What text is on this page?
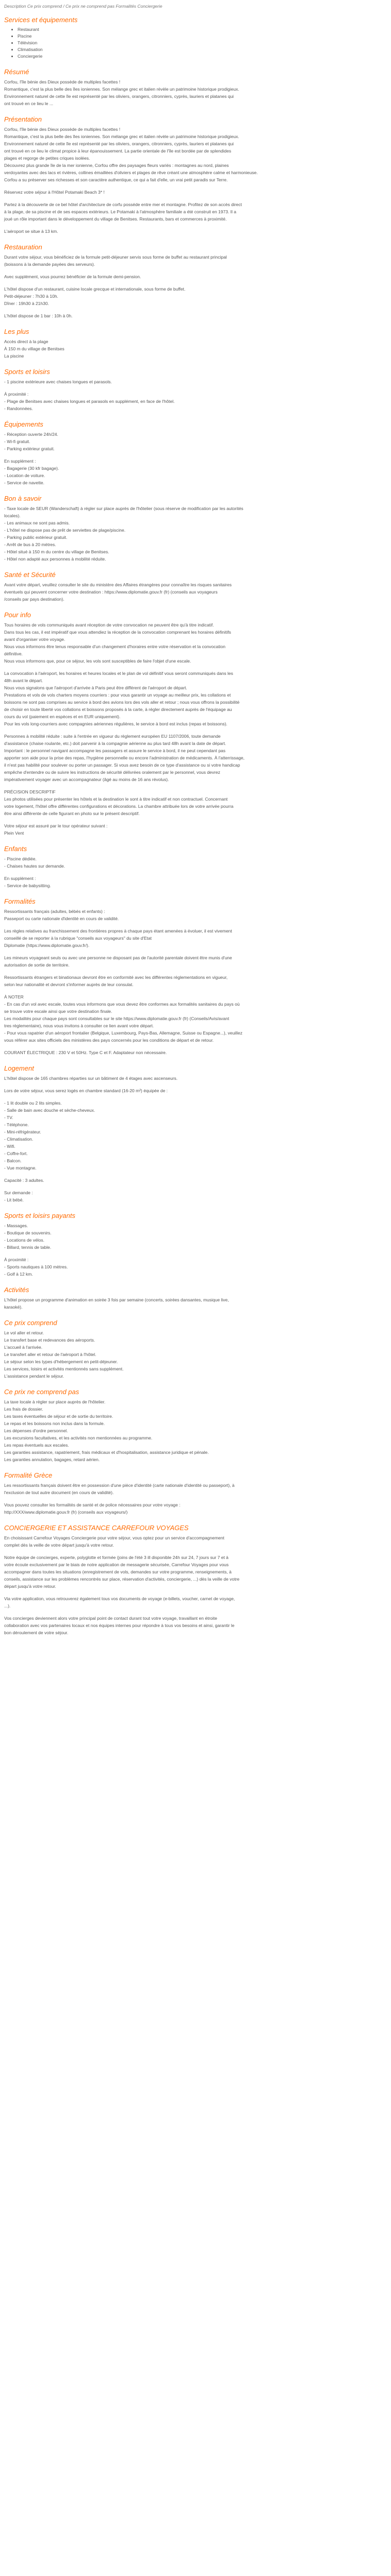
Description Ce prix comprend / Ce prix ne comprend pas Formalités Conciergerie
Services et équipements
• Restaurant
• Piscine
• Télévision
• Climatisation
• Conciergerie
Résumé

Corfou, l'île bénie des Dieux possède de multiples facettes !
Romantique, c'est la plus belle des îles ioniennes. Son mélange grec et italien révèle un patrimoine historique prodigieux.
Environnement naturel de cette île est représenté par les oliviers, orangers, citronniers, cyprès, lauriers et platanes qui
ont trouvé en ce lieu le ...

Présentation

Corfou, l'île bénie des Dieux possède de multiples facettes !
Romantique, c'est la plus belle des îles ioniennes. Son mélange grec et italien révèle un patrimoine historique prodigieux.
Environnement naturel de cette île est représenté par les oliviers, orangers, citronniers, cyprès, lauriers et platanes qui
ont trouvé en ce lieu le climat propice à leur épanouissement. La partie orientale de l'île est bordée par de splendides
plages et regorge de petites criques isolées.
Découvrez plus grande île de la mer ionienne, Corfou offre des paysages fleurs variés : montagnes au nord, plaines
verdoyantes avec des lacs et rivières, collines émaillées d'oliviers et plages de rêve créant une atmosphère calme et harmonieuse.
Corfou a su préserver ses richesses et son caractère authentique, ce qui a fait d'elle, un vrai petit paradis sur Terre.

Réservez votre séjour à l'Hôtel Potamaki Beach 3* !

Partez à la découverte de ce bel hôtel d'architecture de corfu posséde entre mer et montagne. Profitez de son accès direct
à la plage, de sa piscine et de ses espaces extérieurs. Le Potamaki à l'atmosphère familiale a été construit en 1973. Il a
joué un rôle important dans le développement du village de Benitses. Restaurants, bars et commerces à proximité.

L'aéroport se situe à 13 km.

Restauration

Durant votre séjour, vous bénéficiez de la formule petit-déjeuner servis sous forme de buffet au restaurant principal
(boissons à la demande payées des serveurs).

Avec supplément, vous pourrez bénéficier de la formule demi-pension.

L'hôtel dispose d'un restaurant, cuisine locale grecque et internationale, sous forme de buffet.
Petit-déjeuner : 7h30 à 10h.
Dîner : 19h30 à 21h30.

L'hôtel dispose de 1 bar : 10h à 0h.

Les plus

Accès direct à la plage
À 150 m du village de Benitses
La piscine

Sports et loisirs

- 1 piscine extérieure avec chaises longues et parasols.

À proximité :
- Plage de Benitses avec chaises longues et parasols en supplément, en face de l'hôtel.
- Randonnées.

Équipements

- Réception ouverte 24h/24.
- Wi-fi gratuit.
- Parking extérieur gratuit.

En supplément :
- Bagagerie (30 kfr bagage).
- Location de voiture.
- Service de navette.

Bon à savoir

- Taxe locale de SEUR (Wanderschaft) à régler sur place auprès de l'hôtelier (sous réserve de modification par les autorités
locales).
- Les animaux ne sont pas admis.
- L'hôtel ne dispose pas de prêt de serviettes de plage/piscine.
- Parking public extérieur gratuit.
- Arrêt de bus à 20 mètres.
- Hôtel situé à 150 m du centre du village de Benitses.
- Hôtel non adapté aux personnes à mobilité réduite.

Santé et Sécurité

Avant votre départ, veuillez consulter le site du ministère des Affaires étrangères pour connaître les risques sanitaires
éventuels qui peuvent concerner votre destination : https://www.diplomatie.gouv.fr (fr) (conseils aux voyageurs
/conseils par pays destination).

Pour info

Tous horaires de vols communiqués avant réception de votre convocation ne peuvent être qu'à titre indicatif.
Dans tous les cas, il est impératif que vous attendiez la réception de la convocation comprenant les horaires définitifs
avant d'organiser votre voyage.
Nous vous informons être tenus responsable d'un changement d'horaires entre votre réservation et la convocation
définitive.
Nous vous informons que, pour ce séjour, les vols sont susceptibles de faire l'objet d'une escale.

La convocation à l'aéroport, les horaires et heures locales et le plan de vol définitif vous seront communiqués dans les
48h avant le départ.
Nous vous signalons que l'aéroport d'arrivée à Paris peut être différent de l'aéroport de départ.
Prestations et vols de vols charters moyens courriers : pour vous garantir un voyage au meilleur prix, les collations et
boissons ne sont pas comprises au service à bord des avions lors des vols aller et retour ; nous vous offrons la possibilité
de choisir en toute liberté vos collations et boissons proposés à la carte, à régler directement auprès de l'équipage au
cours du vol (paiement en espèces et en EUR uniquement).
Pour les vols long-courriers avec compagnies aériennes régulières, le service à bord est inclus (repas et boissons).

Personnes à mobilité réduite : suite à l'entrée en vigueur du règlement européen EU 1107/2006, toute demande
d'assistance (chaise roulante, etc.) doit parvenir à la compagnie aérienne au plus tard 48h avant la date de départ.
Important : le personnel navigant accompagne les passagers et assure le service à bord, il ne peut cependant pas
apporter son aide pour la prise des repas, l'hygiène personnelle ou encore l'administration de médicaments. À l'atterrissage,
il n'est pas habilité pour soulever ou porter un passager. Si vous avez besoin de ce type d'assistance ou si votre handicap
empêche d'entendre ou de suivre les instructions de sécurité délivrées oralement par le personnel, vous devrez
impérativement voyager avec un accompagnateur (âgé au moins de 16 ans révolus).

PRÉCISION DESCRIPTIF
Les photos utilisées pour présenter les hôtels et la destination le sont à titre indicatif et non contractuel. Concernant
votre logement, l'hôtel offre différentes configurations et décorations. La chambre attribuée lors de votre arrivée pourra
être ainsi différente de celle figurant en photo sur le présent descriptif.

Votre séjour est assuré par le tour opérateur suivant :
Plein Vent

Enfants

- Piscine dédiée.
- Chaises hautes sur demande.

En supplément :
- Service de babysitting.

Formalités

Ressortissants français (adultes, bébés et enfants) :
Passeport ou carte nationale d'identité en cours de validité.

Les règles relatives au franchissement des frontières propres à chaque pays étant amenées à évoluer, il est vivement
conseillé de se reporter à la rubrique "conseils aux voyageurs" du site d'Etat
Diplomatie (https://www.diplomatie.gouv.fr/).

Les mineurs voyageant seuls ou avec une personne ne disposant pas de l'autorité parentale doivent être munis d'une
autorisation de sortie de territoire.

Ressortissants étrangers et binationaux devront être en conformité avec les différentes réglementations en vigueur,
selon leur nationalité et devront s'informer auprès de leur consulat.

À NOTER
- En cas d'un vol avec escale, toutes vous informons que vous devez être conformes aux formalités sanitaires du pays où
se trouve votre escale ainsi que votre destination finale.
Les modalités pour chaque pays sont consultables sur le site https://www.diplomatie.gouv.fr (fr) (Conseils/Avis/avant
tres règlementaire), nous vous invitons à consulter ce lien avant votre départ.
- Pour vous rapatrier d'un aéroport frontalier (Belgique, Luxembourg, Pays-Bas, Allemagne, Suisse ou Espagne...), veuillez
vous référer aux sites officiels des ministères des pays concernés pour les conditions de départ et de retour.

COURANT ÉLECTRIQUE : 230 V et 50Hz. Type C et F. Adaptateur non nécessaire.

Logement

L'hôtel dispose de 165 chambres réparties sur un bâtiment de 4 étages avec ascenseurs.

Lors de votre séjour, vous serez logés en chambre standard (16-20 m²) équipée de :

- 1 lit double ou 2 lits simples.
- Salle de bain avec douche et sèche-cheveux.
- TV.
- Téléphone.
- Mini-réfrigérateur.
- Climatisation.
- Wifi.
- Coffre-fort.
- Balcon.
- Vue montagne.

Capacité : 3 adultes.

Sur demande :
- Lit bébé.

Sports et loisirs payants

- Massages.
- Boutique de souvenirs.
- Locations de vélos.
- Billard, tennis de table.

À proximité :
- Sports nautiques à 100 mètres.
- Golf à 12 km.

Activités

L'hôtel propose un programme d'animation en soirée 3 fois par semaine (concerts, soirées dansantes, musique live,
karaoké).

Ce prix comprend

Le vol aller et retour.
Le transfert base et redevances des aéroports.
L'accueil à l'arrivée.
Le transfert aller et retour de l'aéroport à l'hôtel.
Le séjour selon les types d'hébergement en petit-déjeuner.
Les services, loisirs et activités mentionnés sans supplément.
L'assistance pendant le séjour.

Ce prix ne comprend pas

La taxe locale à régler sur place auprès de l'hôtelier.
Les frais de dossier.
Les taxes éventuelles de séjour et de sortie du territoire.
Le repas et les boissons non inclus dans la formule.
Les dépenses d'ordre personnel.
Les excursions facultatives, et les activités non mentionnées au programme.
Les repas éventuels aux escales.
Les garanties assistance, rapatriement, frais médicaux et d'hospitalisation, assistance juridique et pénale.
Les garanties annulation, bagages, retard aérien.

Formalité Grèce

Les ressortissants français doivent être en possession d'une pièce d'identité (carte nationale d'identité ou passeport), à
l'exclusion de tout autre document (en cours de validité).

Vous pouvez consulter les formalités de santé et de police nécessaires pour votre voyage :
http://XXX/www.diplomatie.gouv.fr (fr) (conseils aux voyageurs/)

CONCIERGERIE ET ASSISTANCE CARREFOUR VOYAGES

En choisissant Carrefour Voyages Conciergerie pour votre séjour, vous optez pour un service d'accompagnement
complet dès la veille de votre départ jusqu'à votre retour.

Notre équipe de concierges, experte, polyglotte et formée (joins de l'été 3 ill disponible 24h sur 24, 7 jours sur 7 et à
votre écoute exclusivement par le biais de notre application de messagerie sécurisée, Carrefour Voyages pour vous
accompagner dans toutes les situations (enregistrement de vols, demandes sur votre programme, renseignements, à
conseils, assistance sur les problèmes rencontrés sur place, réservation d'activités, conciergerie, ...) dès la veille de votre
départ jusqu'à votre retour.

Via votre application, vous retrouverez également tous vos documents de voyage (e-billets, voucher, carnet de voyage,
...).

Vos concierges deviennent alors votre principal point de contact durant tout votre voyage, travaillant en étroite
collaboration avec vos partenaires locaux et nos équipes internes pour répondre à tous vos besoins et ainsi, garantir le
bon déroulement de votre séjour.
